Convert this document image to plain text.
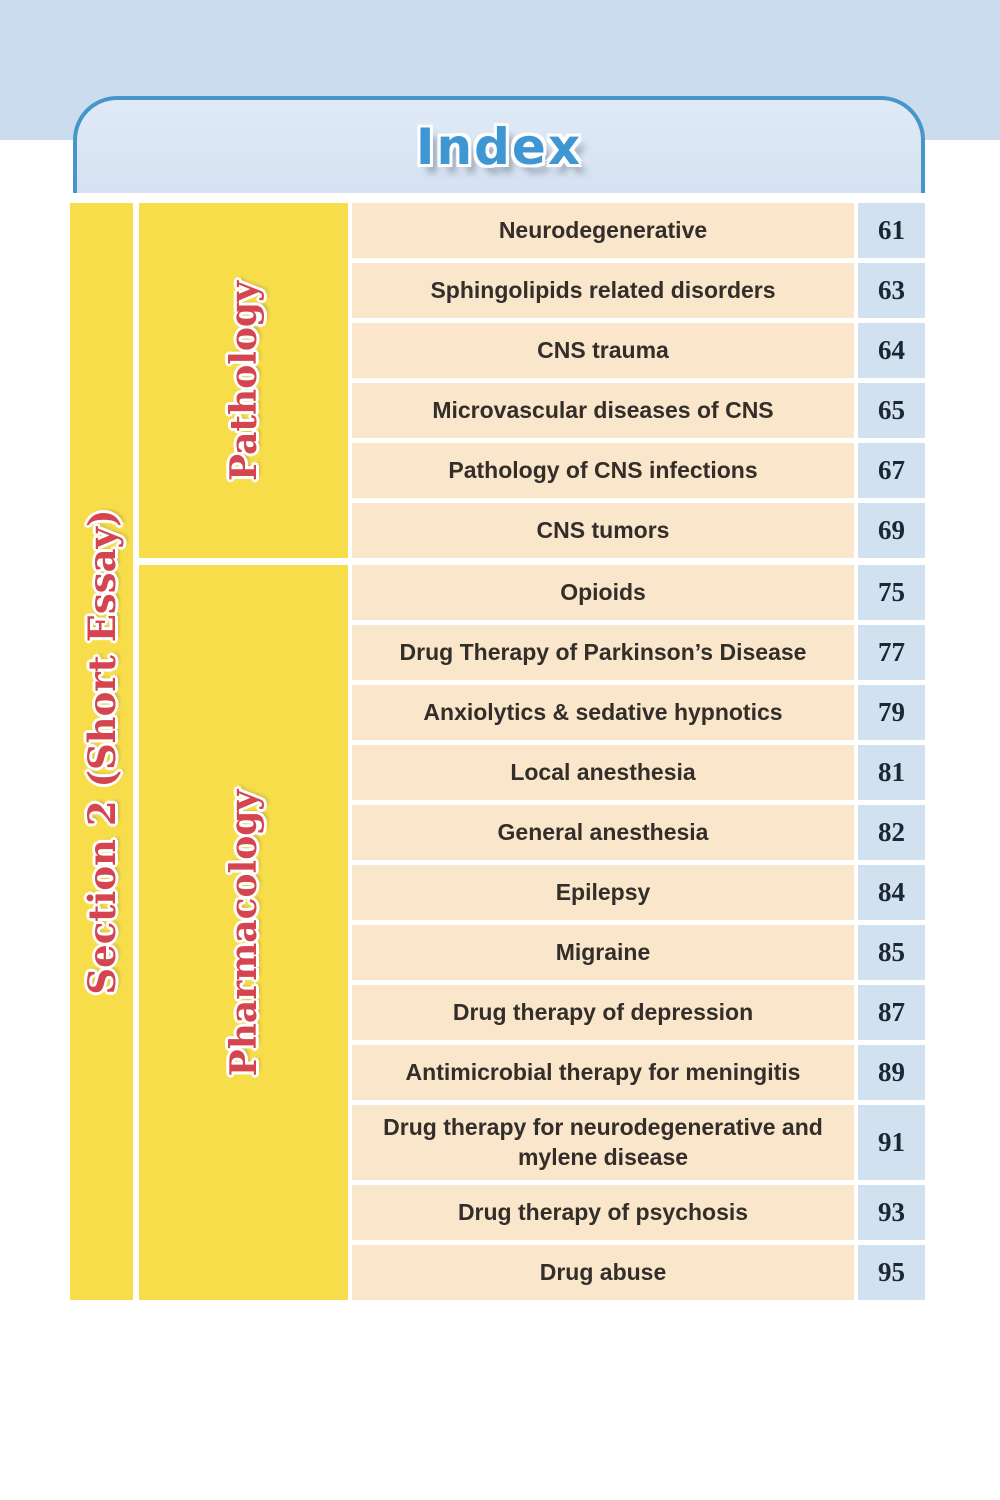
Index
Section 2 (Short Essay)
Pathology
Neurodegenerative	61
Sphingolipids related disorders	63
CNS trauma	64
Microvascular diseases of CNS	65
Pathology of CNS infections	67
CNS tumors	69
Pharmacology
Opioids	75
Drug Therapy of Parkinson’s Disease	77
Anxiolytics & sedative hypnotics	79
Local anesthesia	81
General anesthesia	82
Epilepsy	84
Migraine	85
Drug therapy of depression	87
Antimicrobial therapy for meningitis	89
Drug therapy for neurodegenerative and mylene disease	91
Drug therapy of psychosis	93
Drug abuse	95
